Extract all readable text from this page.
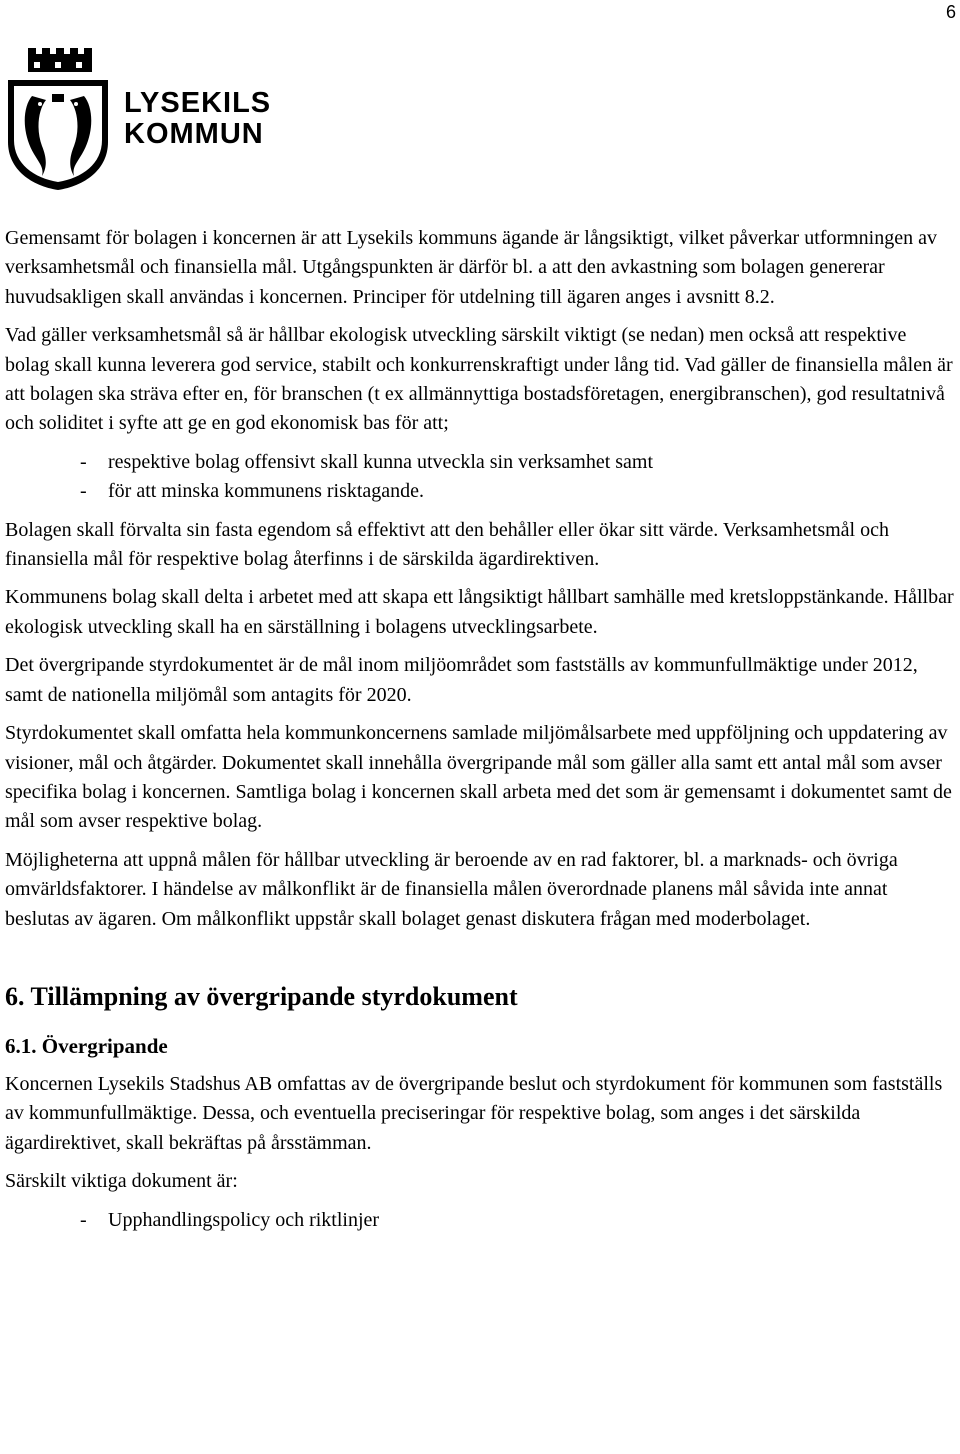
6
LYSEKILS
KOMMUN

Gemensamt för bolagen i koncernen är att Lysekils kommuns ägande är långsiktigt, vilket påverkar utformningen av verksamhetsmål och finansiella mål. Utgångspunkten är därför bl. a att den avkastning som bolagen genererar huvudsakligen skall användas i koncernen. Principer för utdelning till ägaren anges i avsnitt 8.2.

Vad gäller verksamhetsmål så är hållbar ekologisk utveckling särskilt viktigt (se nedan) men också att respektive bolag skall kunna leverera god service, stabilt och konkurrenskraftigt under lång tid. Vad gäller de finansiella målen är att bolagen ska sträva efter en, för branschen (t ex allmännyttiga bostadsföretagen, energibranschen), god resultatnivå och soliditet i syfte att ge en god ekonomisk bas för att;

- respektive bolag offensivt skall kunna utveckla sin verksamhet samt
- för att minska kommunens risktagande.

Bolagen skall förvalta sin fasta egendom så effektivt att den behåller eller ökar sitt värde. Verksamhetsmål och finansiella mål för respektive bolag återfinns i de särskilda ägardirektiven.

Kommunens bolag skall delta i arbetet med att skapa ett långsiktigt hållbart samhälle med kretsloppstänkande. Hållbar ekologisk utveckling skall ha en särställning i bolagens utvecklingsarbete.

Det övergripande styrdokumentet är de mål inom miljöområdet som fastställs av kommunfullmäktige under 2012, samt de nationella miljömål som antagits för 2020.

Styrdokumentet skall omfatta hela kommunkoncernens samlade miljömålsarbete med uppföljning och uppdatering av visioner, mål och åtgärder. Dokumentet skall innehålla övergripande mål som gäller alla samt ett antal mål som avser specifika bolag i koncernen. Samtliga bolag i koncernen skall arbeta med det som är gemensamt i dokumentet samt de mål som avser respektive bolag.

Möjligheterna att uppnå målen för hållbar utveckling är beroende av en rad faktorer, bl. a marknads- och övriga omvärldsfaktorer. I händelse av målkonflikt är de finansiella målen överordnade planens mål såvida inte annat beslutas av ägaren. Om målkonflikt uppstår skall bolaget genast diskutera frågan med moderbolaget.

6. Tillämpning av övergripande styrdokument
6.1. Övergripande

Koncernen Lysekils Stadshus AB omfattas av de övergripande beslut och styrdokument för kommunen som fastställs av kommunfullmäktige. Dessa, och eventuella preciseringar för respektive bolag, som anges i det särskilda ägardirektivet, skall bekräftas på årsstämman.

Särskilt viktiga dokument är:

- Upphandlingspolicy och riktlinjer
